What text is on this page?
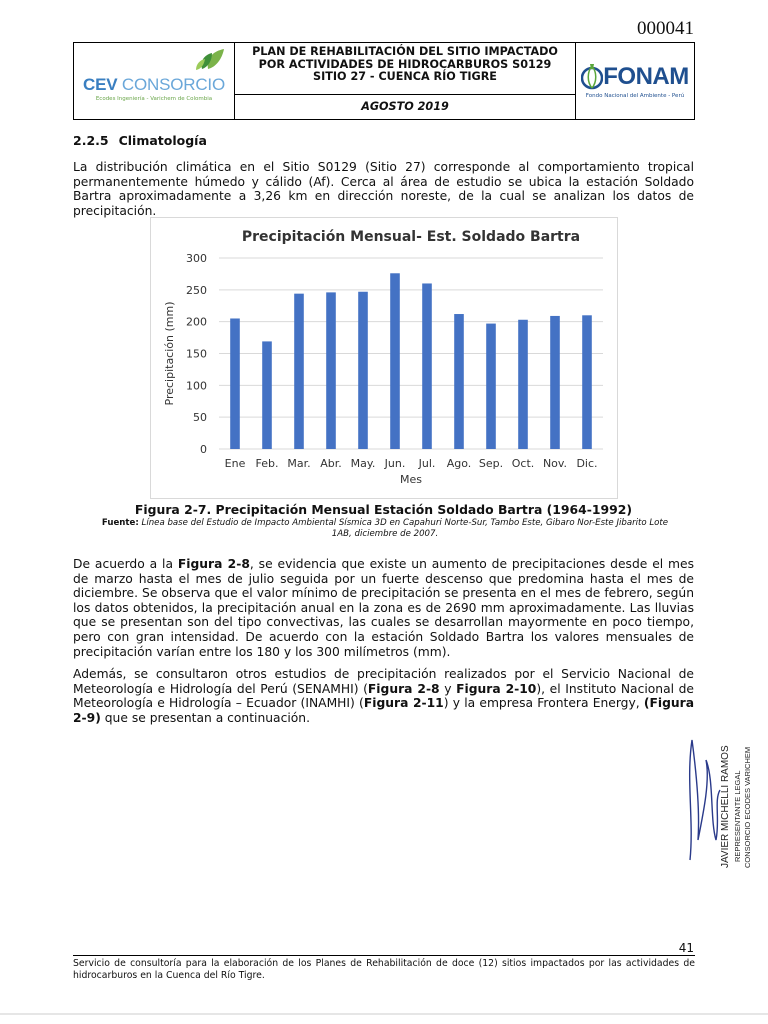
000041
CEV CONSORCIO
Ecodes Ingeniería - Varichem de Colombia
PLAN DE REHABILITACIÓN DEL SITIO IMPACTADO
POR ACTIVIDADES DE HIDROCARBUROS S0129
SITIO 27 - CUENCA RÍO TIGRE
AGOSTO 2019
FONAM
Fondo Nacional del Ambiente - Perú
2.2.5 Climatología
La distribución climática en el Sitio S0129 (Sitio 27) corresponde al comportamiento tropical permanentemente húmedo y cálido (Af). Cerca al área de estudio se ubica la estación Soldado Bartra aproximadamente a 3,26 km en dirección noreste, de la cual se analizan los datos de precipitación.
Precipitación Mensual- Est. Soldado Bartra
0
50
100
150
200
250
300
Ene Feb. Mar. Abr. May. Jun. Jul. Ago. Sep. Oct. Nov. Dic.
Mes
Precipitación (mm)
Figura 2-7. Precipitación Mensual Estación Soldado Bartra (1964-1992)
Fuente: Línea base del Estudio de Impacto Ambiental Sísmica 3D en Capahuri Norte-Sur, Tambo Este, Gibaro Nor-Este Jibarito Lote 1AB, diciembre de 2007.
De acuerdo a la Figura 2-8, se evidencia que existe un aumento de precipitaciones desde el mes de marzo hasta el mes de julio seguida por un fuerte descenso que predomina hasta el mes de diciembre. Se observa que el valor mínimo de precipitación se presenta en el mes de febrero, según los datos obtenidos, la precipitación anual en la zona es de 2690 mm aproximadamente. Las lluvias que se presentan son del tipo convectivas, las cuales se desarrollan mayormente en poco tiempo, pero con gran intensidad. De acuerdo con la estación Soldado Bartra los valores mensuales de precipitación varían entre los 180 y los 300 milímetros (mm).
Además, se consultaron otros estudios de precipitación realizados por el Servicio Nacional de Meteorología e Hidrología del Perú (SENAMHI) (Figura 2-8 y Figura 2-10), el Instituto Nacional de Meteorología e Hidrología – Ecuador (INAMHI) (Figura 2-11) y la empresa Frontera Energy, (Figura 2-9) que se presentan a continuación.
JAVIER MICHELLI RAMOS REPRESENTANTE LEGAL CONSORCIO ECODES VARICHEM
41
Servicio de consultoría para la elaboración de los Planes de Rehabilitación de doce (12) sitios impactados por las actividades de hidrocarburos en la Cuenca del Río Tigre.
